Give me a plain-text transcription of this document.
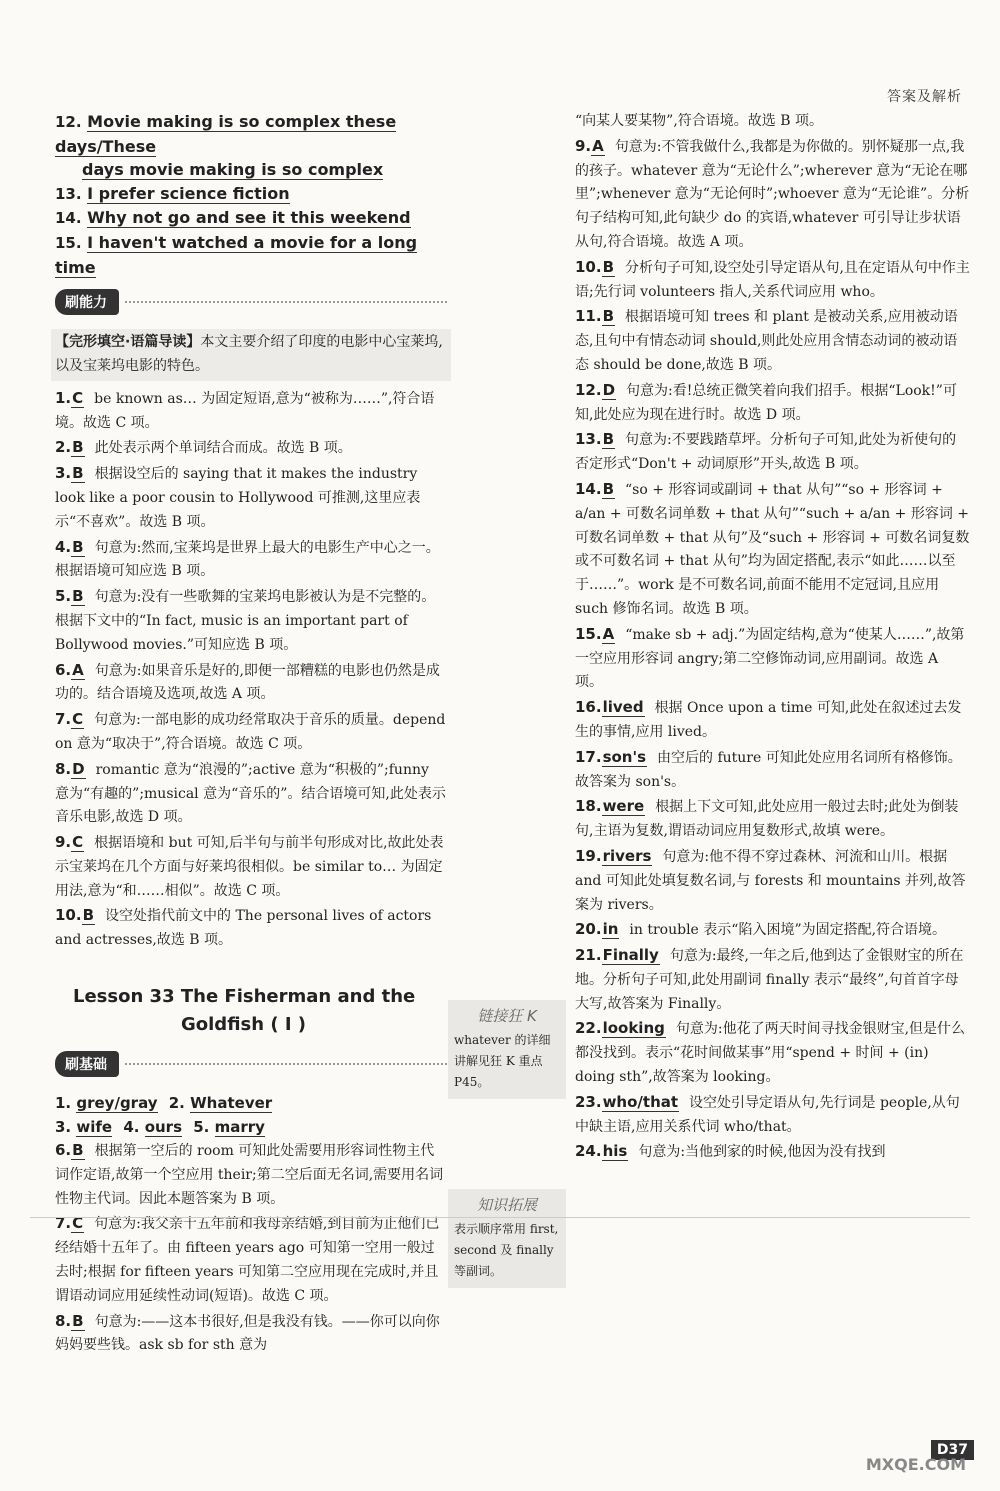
答案及解析
12. Movie making is so complex these days/These
days movie making is so complex
13. I prefer science fiction
14. Why not go and see it this weekend
15. I haven't watched a movie for a long time
刷能力
【完形填空·语篇导读】本文主要介绍了印度的电影中心宝莱坞,以及宝莱坞电影的特色。
1.C be known as… 为固定短语,意为“被称为……”,符合语境。故选 C 项。
2.B 此处表示两个单词结合而成。故选 B 项。
3.B 根据设空后的 saying that it makes the industry look like a poor cousin to Hollywood 可推测,这里应表示“不喜欢”。故选 B 项。
4.B 句意为:然而,宝莱坞是世界上最大的电影生产中心之一。根据语境可知应选 B 项。
5.B 句意为:没有一些歌舞的宝莱坞电影被认为是不完整的。根据下文中的“In fact, music is an important part of Bollywood movies.”可知应选 B 项。
6.A 句意为:如果音乐是好的,即便一部糟糕的电影也仍然是成功的。结合语境及选项,故选 A 项。
7.C 句意为:一部电影的成功经常取决于音乐的质量。depend on 意为“取决于”,符合语境。故选 C 项。
8.D romantic 意为“浪漫的”;active 意为“积极的”;funny 意为“有趣的”;musical 意为“音乐的”。结合语境可知,此处表示音乐电影,故选 D 项。
9.C 根据语境和 but 可知,后半句与前半句形成对比,故此处表示宝莱坞在几个方面与好莱坞很相似。be similar to… 为固定用法,意为“和……相似”。故选 C 项。
10.B 设空处指代前文中的 The personal lives of actors and actresses,故选 B 项。
Lesson 33 The Fisherman and the
Goldfish ( Ⅰ )
刷基础
1. grey/gray 2. Whatever
3. wife 4. ours 5. marry
6.B 根据第一空后的 room 可知此处需要用形容词性物主代词作定语,故第一个空应用 their;第二空后面无名词,需要用名词性物主代词。因此本题答案为 B 项。
7.C 句意为:我父亲十五年前和我母亲结婚,到目前为止他们已经结婚十五年了。由 fifteen years ago 可知第一空用一般过去时;根据 for fifteen years 可知第二空应用现在完成时,并且谓语动词应用延续性动词(短语)。故选 C 项。
8.B 句意为:——这本书很好,但是我没有钱。——你可以向你妈妈要些钱。ask sb for sth 意为
链接狂 K
whatever 的详细讲解见狂 K 重点 P45。
知识拓展
表示顺序常用 first, second 及 finally 等副词。
“向某人要某物”,符合语境。故选 B 项。
9.A 句意为:不管我做什么,我都是为你做的。别怀疑那一点,我的孩子。whatever 意为“无论什么”;wherever 意为“无论在哪里”;whenever 意为“无论何时”;whoever 意为“无论谁”。分析句子结构可知,此句缺少 do 的宾语,whatever 可引导让步状语从句,符合语境。故选 A 项。
10.B 分析句子可知,设空处引导定语从句,且在定语从句中作主语;先行词 volunteers 指人,关系代词应用 who。
11.B 根据语境可知 trees 和 plant 是被动关系,应用被动语态,且句中有情态动词 should,则此处应用含情态动词的被动语态 should be done,故选 B 项。
12.D 句意为:看!总统正微笑着向我们招手。根据“Look!”可知,此处应为现在进行时。故选 D 项。
13.B 句意为:不要践踏草坪。分析句子可知,此处为祈使句的否定形式“Don't + 动词原形”开头,故选 B 项。
14.B “so + 形容词或副词 + that 从句”“so + 形容词 + a/an + 可数名词单数 + that 从句”“such + a/an + 形容词 + 可数名词单数 + that 从句”及“such + 形容词 + 可数名词复数或不可数名词 + that 从句”均为固定搭配,表示“如此……以至于……”。work 是不可数名词,前面不能用不定冠词,且应用 such 修饰名词。故选 B 项。
15.A “make sb + adj.”为固定结构,意为“使某人……”,故第一空应用形容词 angry;第二空修饰动词,应用副词。故选 A 项。
16.lived 根据 Once upon a time 可知,此处在叙述过去发生的事情,应用 lived。
17.son's 由空后的 future 可知此处应用名词所有格修饰。故答案为 son's。
18.were 根据上下文可知,此处应用一般过去时;此处为倒装句,主语为复数,谓语动词应用复数形式,故填 were。
19.rivers 句意为:他不得不穿过森林、河流和山川。根据 and 可知此处填复数名词,与 forests 和 mountains 并列,故答案为 rivers。
20.in in trouble 表示“陷入困境”为固定搭配,符合语境。
21.Finally 句意为:最终,一年之后,他到达了金银财宝的所在地。分析句子可知,此处用副词 finally 表示“最终”,句首首字母大写,故答案为 Finally。
22.looking 句意为:他花了两天时间寻找金银财宝,但是什么都没找到。表示“花时间做某事”用“spend + 时间 + (in) doing sth”,故答案为 looking。
23.who/that 设空处引导定语从句,先行词是 people,从句中缺主语,应用关系代词 who/that。
24.his 句意为:当他到家的时候,他因为没有找到
D37
MXQE.COM
